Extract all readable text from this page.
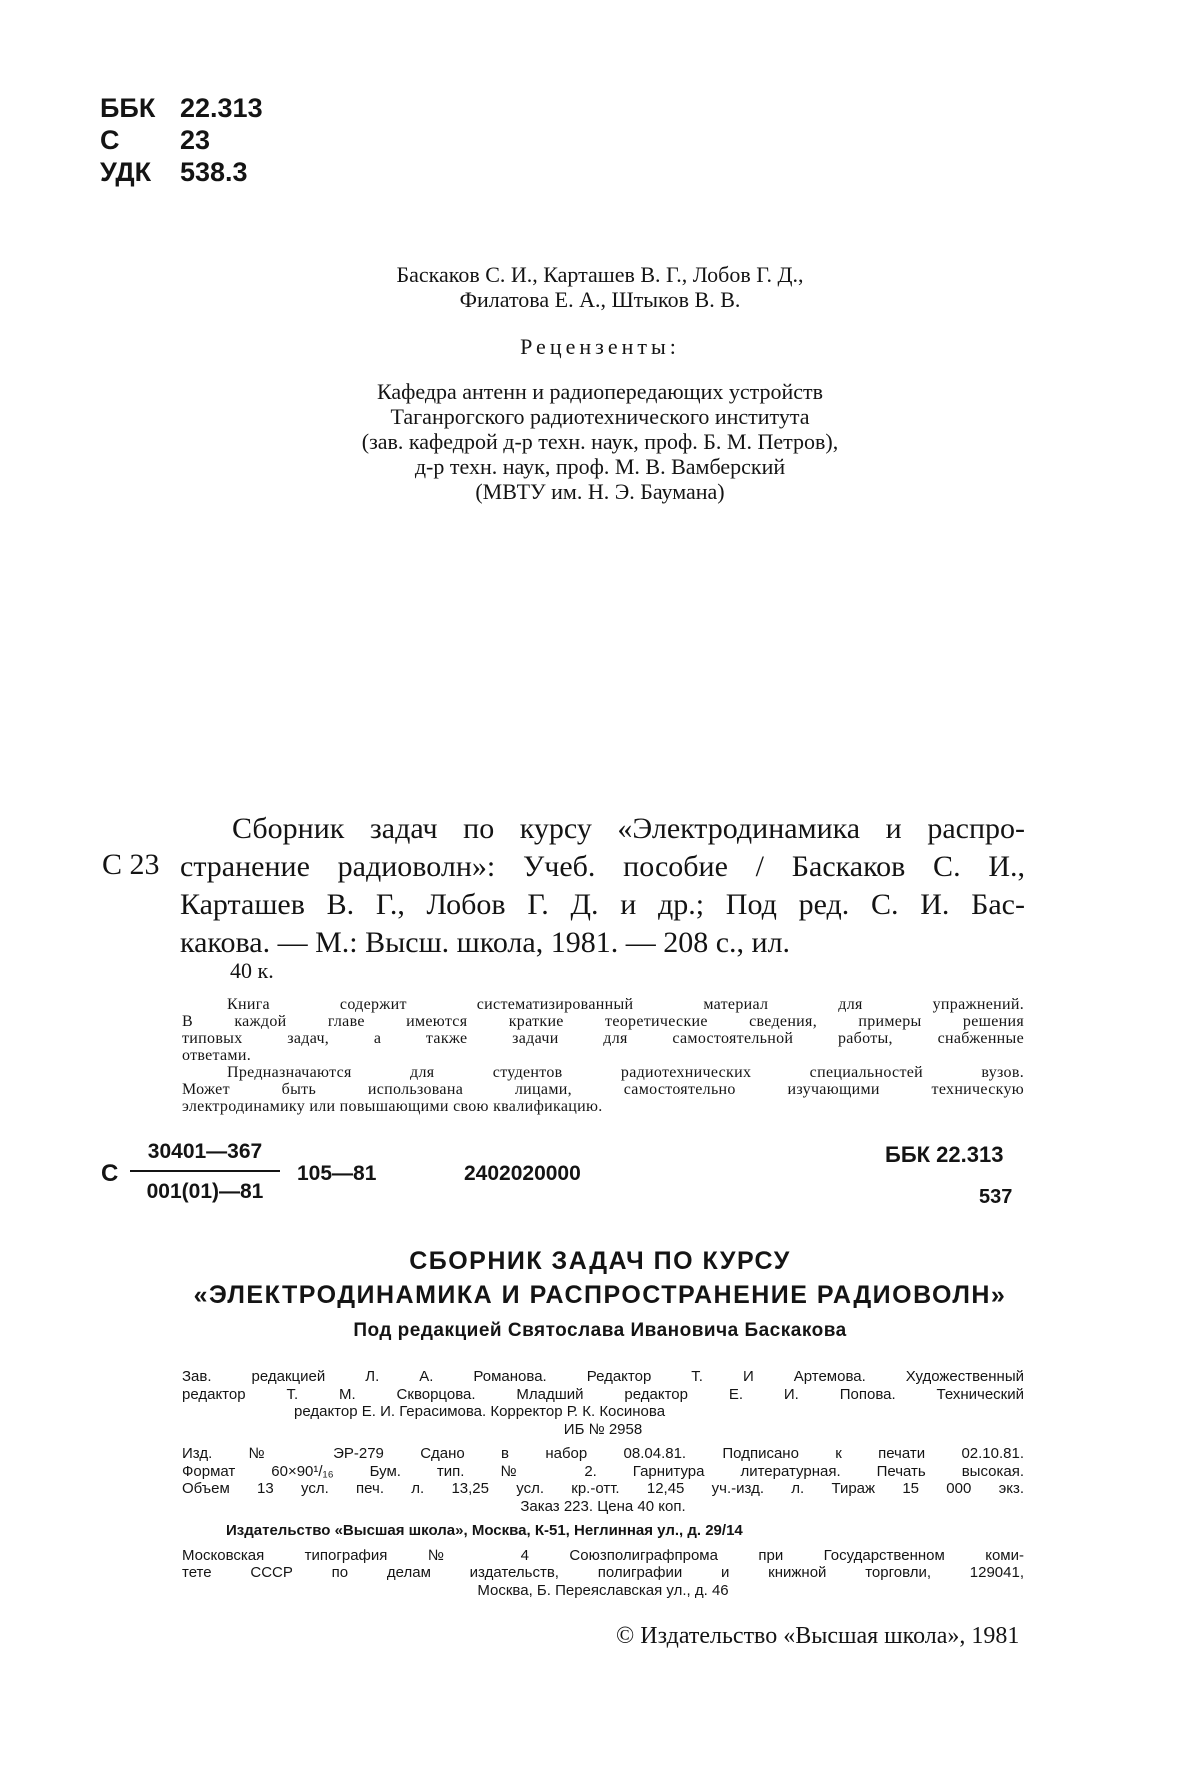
ББК 22.313
С	23
УДК	538.3
Баскаков С. И., Карташев В. Г., Лобов Г. Д.,
Филатова Е. А., Штыков В. В.
Рецензенты:
Кафедра антенн и радиопередающих устройств
Таганрогского радиотехнического института
(зав. кафедрой д-р техн. наук, проф. Б. М. Петров),
д-р техн. наук, проф. М. В. Вамберский
(МВТУ им. Н. Э. Баумана)
С 23
Сборник задач по курсу «Электродинамика и распро-
странение радиоволн»: Учеб. пособие / Баскаков С. И.,
Карташев В. Г., Лобов Г. Д. и др.; Под ред. С. И. Бас-
какова. — М.: Высш. школа, 1981. — 208 с., ил.
40 к.
Книга содержит систематизированный материал для упражнений.
В каждой главе имеются краткие теоретические сведения, примеры решения
типовых задач, а также задачи для самостоятельной работы, снабженные
ответами.
Предназначаются для студентов радиотехнических специальностей вузов.
Может быть использована лицами, самостоятельно изучающими техническую
электродинамику или повышающими свою квалификацию.
С $\frac{30401—367}{001(01)—81}$ 105—81	2402020000
ББК 22.313
537
СБОРНИК ЗАДАЧ ПО КУРСУ
«ЭЛЕКТРОДИНАМИКА И РАСПРОСТРАНЕНИЕ РАДИОВОЛН»
Под редакцией Святослава Ивановича Баскакова
Зав. редакцией Л. А. Романова. Редактор Т. И Артемова. Художественный
редактор Т. М. Скворцова. Младший редактор Е. И. Попова. Технический
редактор Е. И. Герасимова. Корректор Р. К. Косинова
ИБ № 2958
Изд. № ЭР-279 Сдано в набор 08.04.81. Подписано к печати 02.10.81.
Формат 60×90¹/₁₆ Бум. тип. № 2. Гарнитура литературная. Печать высокая.
Объем 13 усл. печ. л. 13,25 усл. кр.-отт. 12,45 уч.-изд. л. Тираж 15 000 экз.
Заказ 223. Цена 40 коп.
Издательство «Высшая школа», Москва, К-51, Неглинная ул., д. 29/14
Московская типография № 4 Союзполиграфпрома при Государственном коми-
тете СССР по делам издательств, полиграфии и книжной торговли, 129041,
Москва, Б. Переяславская ул., д. 46
© Издательство «Высшая школа», 1981
